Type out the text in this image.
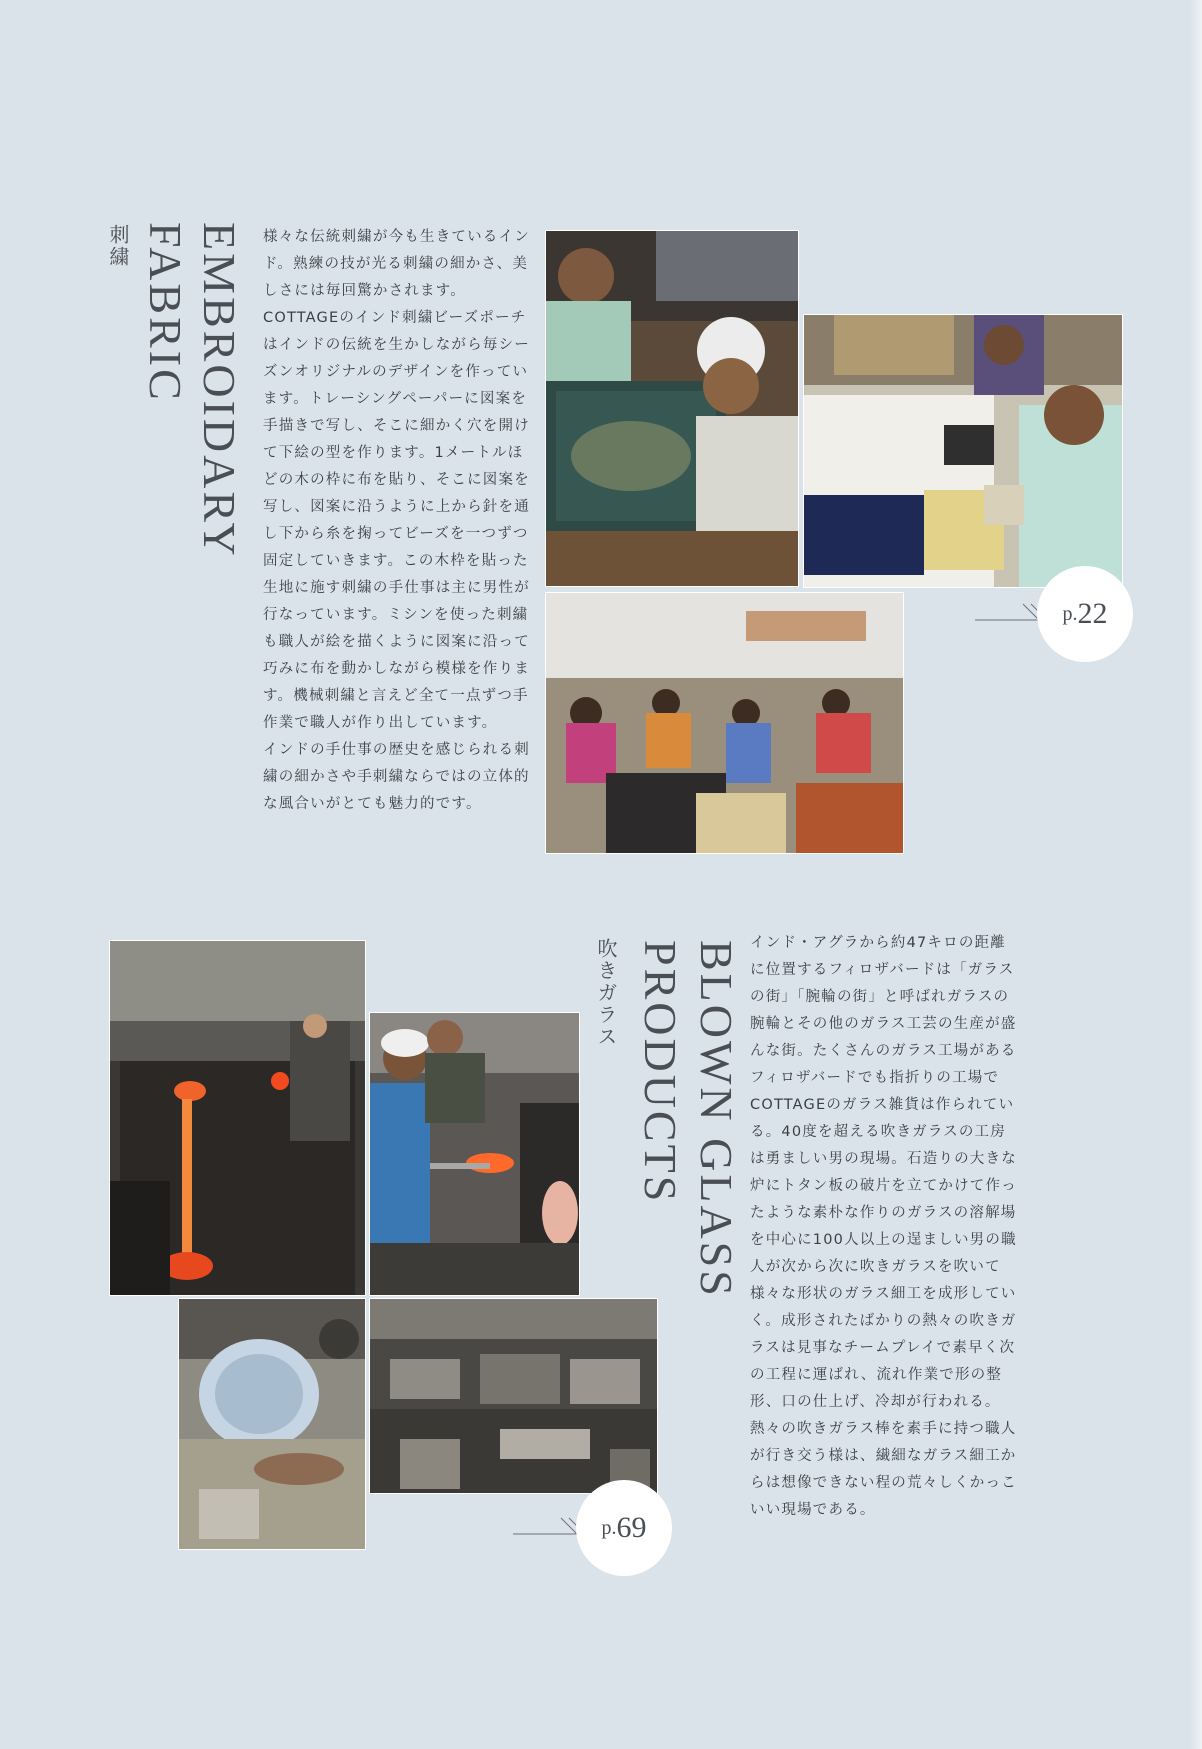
EMBROIDARY
FABRIC
刺繍	様々な伝統刺繍が今も生きているインド。熟練の技が光る刺繍の細かさ、美しさには毎回驚かされます。

COTTAGEのインド刺繍ビーズポーチはインドの伝統を生かしながら毎シーズンオリジナルのデザインを作っています。トレーシングペーパーに図案を手描きで写し、そこに細かく穴を開けて下絵の型を作ります。1メートルほどの木の枠に布を貼り、そこに図案を写し、図案に沿うように上から針を通し下から糸を掬ってビーズを一つずつ固定していきます。この木枠を貼った生地に施す刺繍の手仕事は主に男性が行なっています。ミシンを使った刺繍も職人が絵を描くように図案に沿って巧みに布を動かしながら模様を作ります。機械刺繍と言えど全て一点ずつ手作業で職人が作り出しています。

インドの手仕事の歴史を感じられる刺繍の細かさや手刺繍ならではの立体的な風合いがとても魅力的です。

p. 22
p. 69
BLOWN GLASS
PRODUCTS
吹きガラス	インド・アグラから約47キロの距離に位置するフィロザバードは「ガラスの街」「腕輪の街」と呼ばれガラスの腕輪とその他のガラス工芸の生産が盛んな街。たくさんのガラス工場があるフィロザバードでも指折りの工場でCOTTAGEのガラス雑貨は作られている。40度を超える吹きガラスの工房は勇ましい男の現場。石造りの大きな炉にトタン板の破片を立てかけて作ったような素朴な作りのガラスの溶解場を中心に100人以上の逞ましい男の職人が次から次に吹きガラスを吹いて様々な形状のガラス細工を成形していく。成形されたばかりの熱々の吹きガラスは見事なチームプレイで素早く次の工程に運ばれ、流れ作業で形の整形、口の仕上げ、冷却が行われる。

熱々の吹きガラス棒を素手に持つ職人が行き交う様は、繊細なガラス細工からは想像できない程の荒々しくかっこいい現場である。
